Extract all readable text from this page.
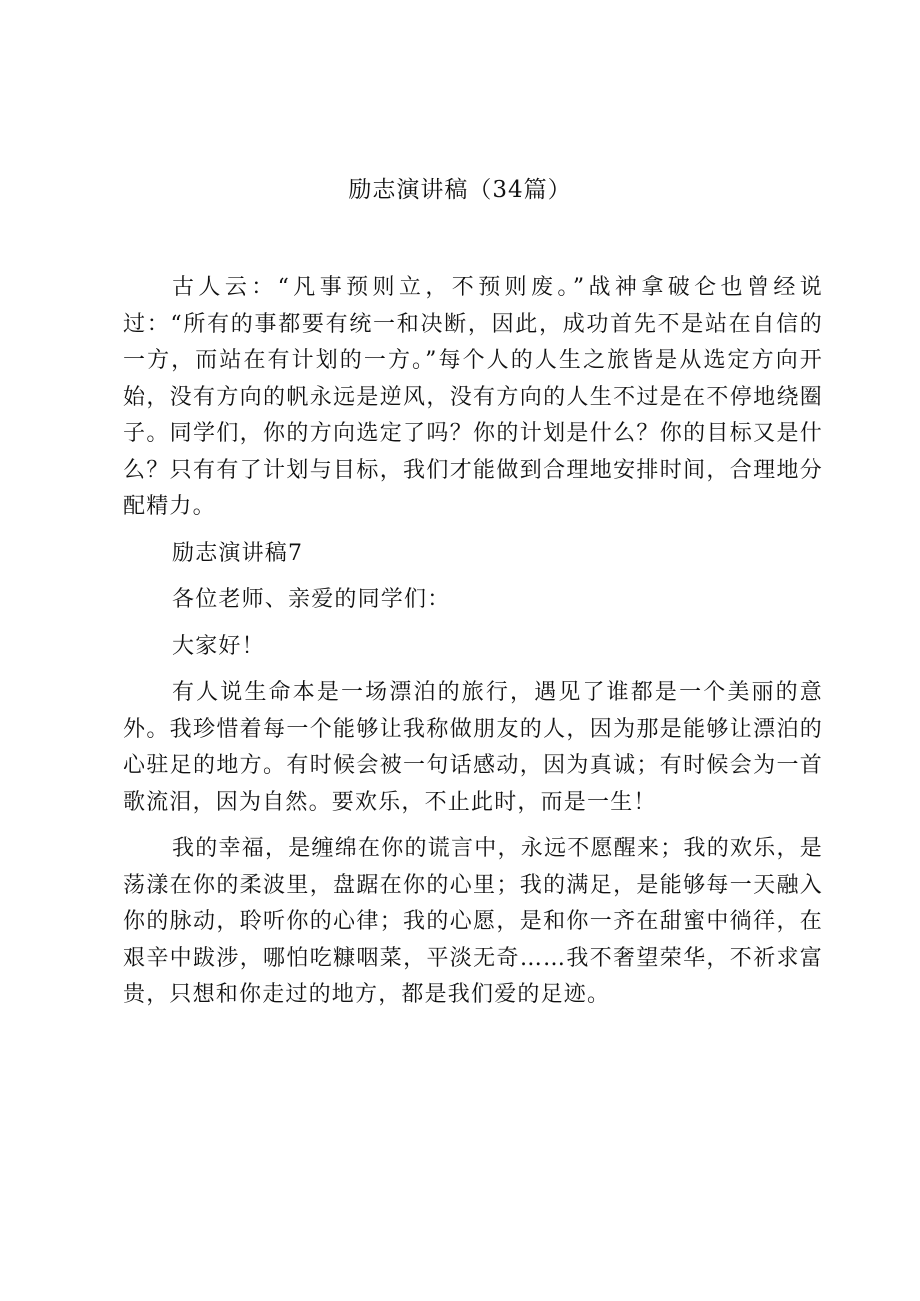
励志演讲稿（34篇）

古人云：“凡事预则立，不预则废。”战神拿破仑也曾经说过：“所有的事都要有统一和决断，因此，成功首先不是站在自信的一方，而站在有计划的一方。”每个人的人生之旅皆是从选定方向开始，没有方向的帆永远是逆风，没有方向的人生不过是在不停地绕圈子。同学们，你的方向选定了吗？你的计划是什么？你的目标又是什么？只有有了计划与目标，我们才能做到合理地安排时间，合理地分配精力。

励志演讲稿7

各位老师、亲爱的同学们：

大家好！

有人说生命本是一场漂泊的旅行，遇见了谁都是一个美丽的意外。我珍惜着每一个能够让我称做朋友的人，因为那是能够让漂泊的心驻足的地方。有时候会被一句话感动，因为真诚；有时候会为一首歌流泪，因为自然。要欢乐，不止此时，而是一生！

我的幸福，是缠绵在你的谎言中，永远不愿醒来；我的欢乐，是荡漾在你的柔波里，盘踞在你的心里；我的满足，是能够每一天融入你的脉动，聆听你的心律；我的心愿，是和你一齐在甜蜜中徜徉，在艰辛中跋涉，哪怕吃糠咽菜，平淡无奇……我不奢望荣华，不祈求富贵，只想和你走过的地方，都是我们爱的足迹。
